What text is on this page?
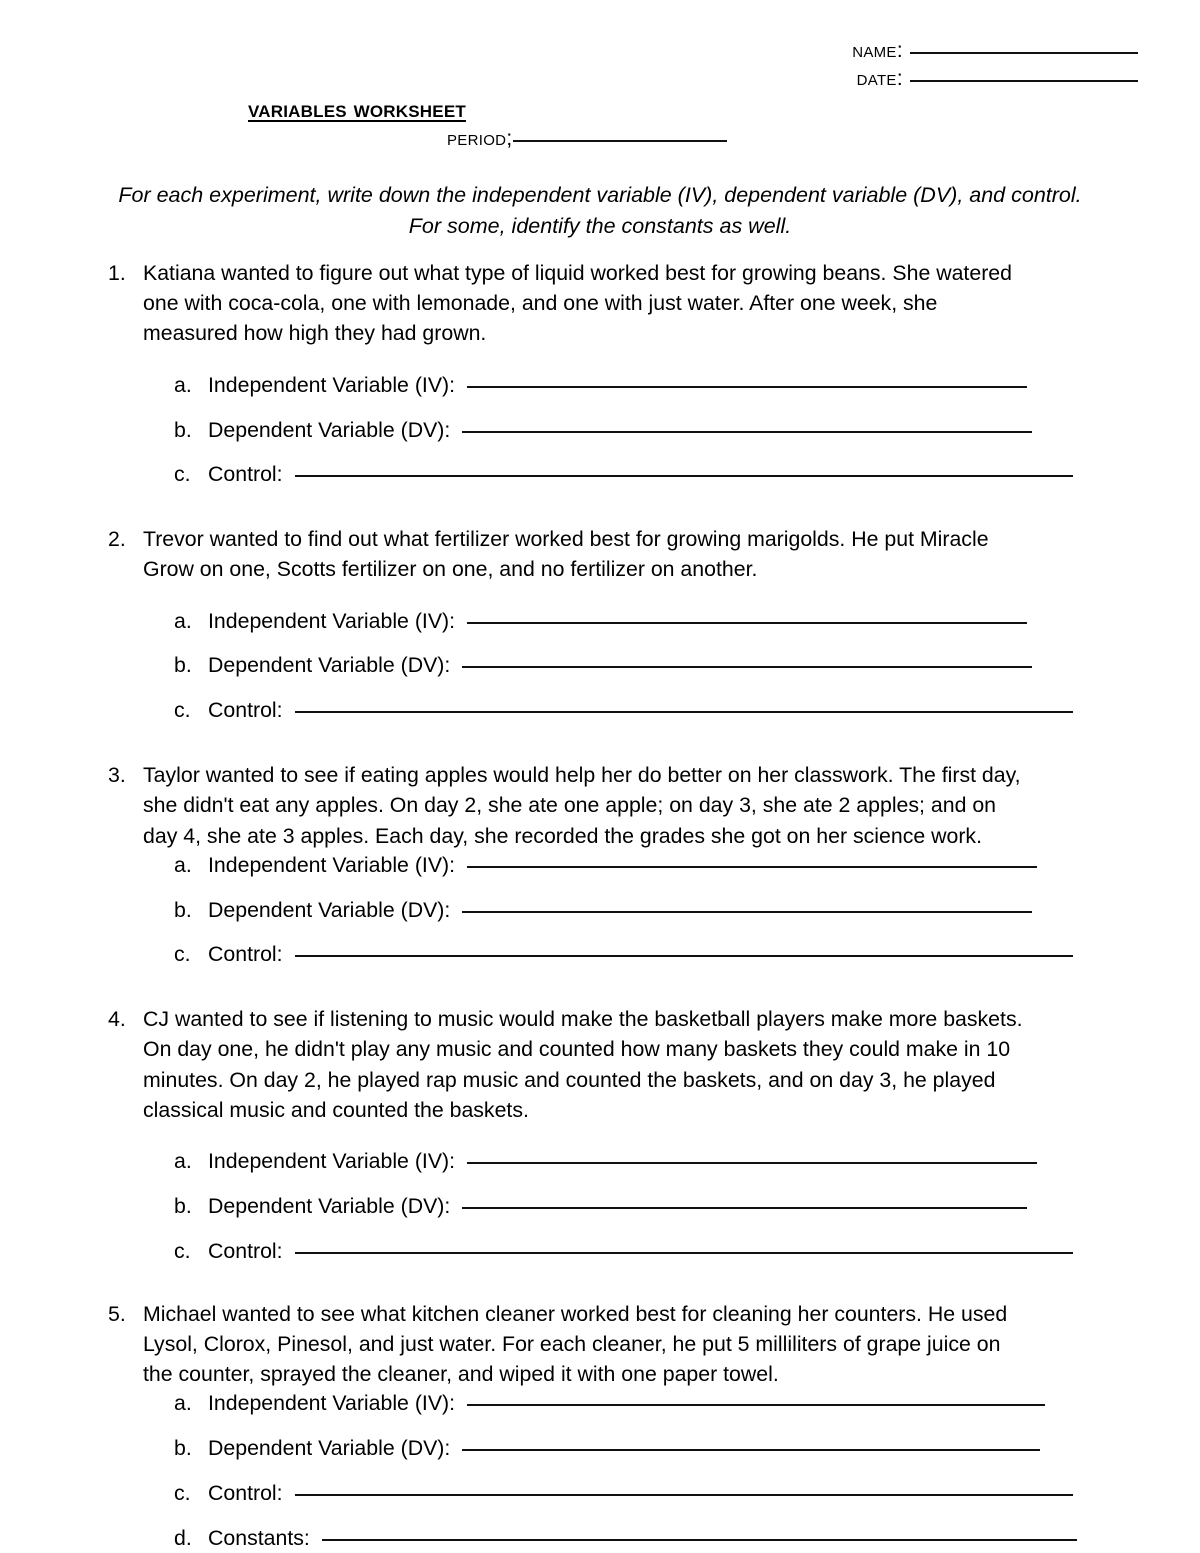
name:
date:
variables worksheet
period;
For each experiment, write down the independent variable (IV), dependent variable (DV), and control.
For some, identify the constants as well.
1. Katiana wanted to figure out what type of liquid worked best for growing beans. She watered
one with coca-cola, one with lemonade, and one with just water. After one week, she
measured how high they had grown.
a. Independent Variable (IV):
b. Dependent Variable (DV):
c. Control:
2. Trevor wanted to find out what fertilizer worked best for growing marigolds. He put Miracle
Grow on one, Scotts fertilizer on one, and no fertilizer on another.
a. Independent Variable (IV):
b. Dependent Variable (DV):
c. Control:
3. Taylor wanted to see if eating apples would help her do better on her classwork. The first day,
she didn't eat any apples. On day 2, she ate one apple; on day 3, she ate 2 apples; and on
day 4, she ate 3 apples. Each day, she recorded the grades she got on her science work.
a. Independent Variable (IV):
b. Dependent Variable (DV):
c. Control:
4. CJ wanted to see if listening to music would make the basketball players make more baskets.
On day one, he didn't play any music and counted how many baskets they could make in 10
minutes. On day 2, he played rap music and counted the baskets, and on day 3, he played
classical music and counted the baskets.
a. Independent Variable (IV):
b. Dependent Variable (DV):
c. Control:
5. Michael wanted to see what kitchen cleaner worked best for cleaning her counters. He used
Lysol, Clorox, Pinesol, and just water. For each cleaner, he put 5 milliliters of grape juice on
the counter, sprayed the cleaner, and wiped it with one paper towel.
a. Independent Variable (IV):
b. Dependent Variable (DV):
c. Control:
d. Constants:
